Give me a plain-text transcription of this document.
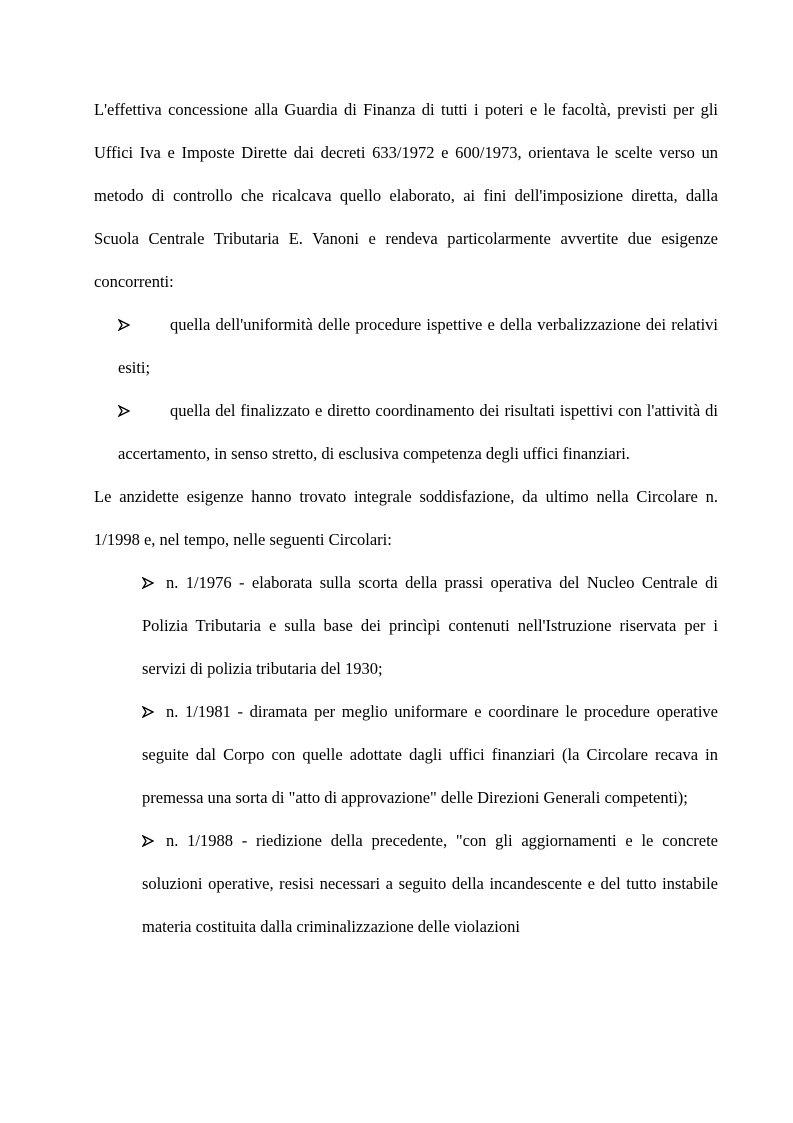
L'effettiva concessione alla Guardia di Finanza di tutti i poteri e le facoltà, previsti per gli Uffici Iva e Imposte Dirette dai decreti 633/1972 e 600/1973, orientava le scelte verso un metodo di controllo che ricalcava quello elaborato, ai fini dell'imposizione diretta, dalla Scuola Centrale Tributaria E. Vanoni e rendeva particolarmente avvertite due esigenze concorrenti:

quella dell'uniformità delle procedure ispettive e della verbalizzazione dei relativi esiti;
quella del finalizzato e diretto coordinamento dei risultati ispettivi con l'attività di accertamento, in senso stretto, di esclusiva competenza degli uffici finanziari.

Le anzidette esigenze hanno trovato integrale soddisfazione, da ultimo nella Circolare n. 1/1998 e, nel tempo, nelle seguenti Circolari:

n. 1/1976 - elaborata sulla scorta della prassi operativa del Nucleo Centrale di Polizia Tributaria e sulla base dei princìpi contenuti nell'Istruzione riservata per i servizi di polizia tributaria del 1930;
n. 1/1981 - diramata per meglio uniformare e coordinare le procedure operative seguite dal Corpo con quelle adottate dagli uffici finanziari (la Circolare recava in premessa una sorta di "atto di approvazione" delle Direzioni Generali competenti);
n. 1/1988 - riedizione della precedente, "con gli aggiornamenti e le concrete soluzioni operative, resisi necessari a seguito della incandescente e del tutto instabile materia costituita dalla criminalizzazione delle violazioni
